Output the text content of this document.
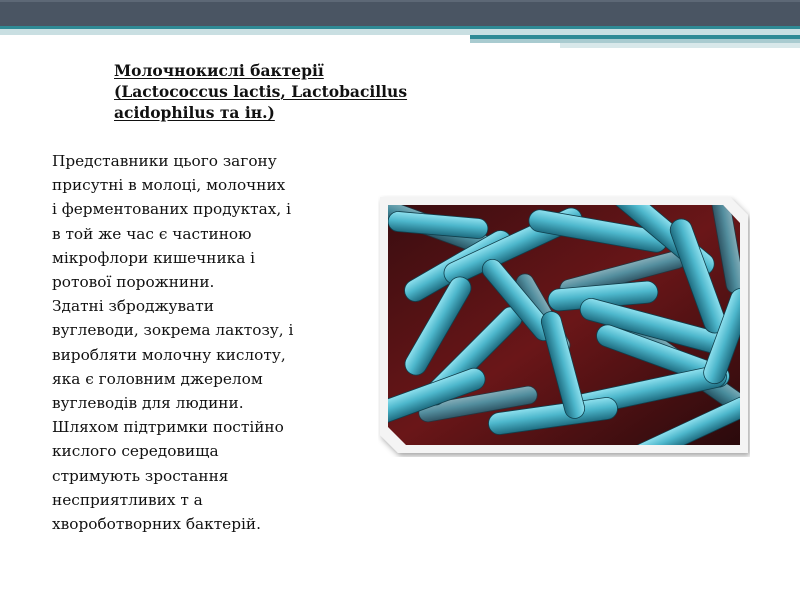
Молочнокислі бактерії
(Lactococcus lactis, Lactobacillus
acidophilus та ін.)

Представники цього загону
присутні в молоці, молочних
і ферментованих продуктах, і
в той же час є частиною
мікрофлори кишечника і
ротової порожнини.
Здатні зброджувати
вуглеводи, зокрема лактозу, і
виробляти молочну кислоту,
яка є головним джерелом
вуглеводів для людини.
Шляхом підтримки постійно
кислого середовища
стримують зростання
несприятливих т а
хвороботворних бактерій.
